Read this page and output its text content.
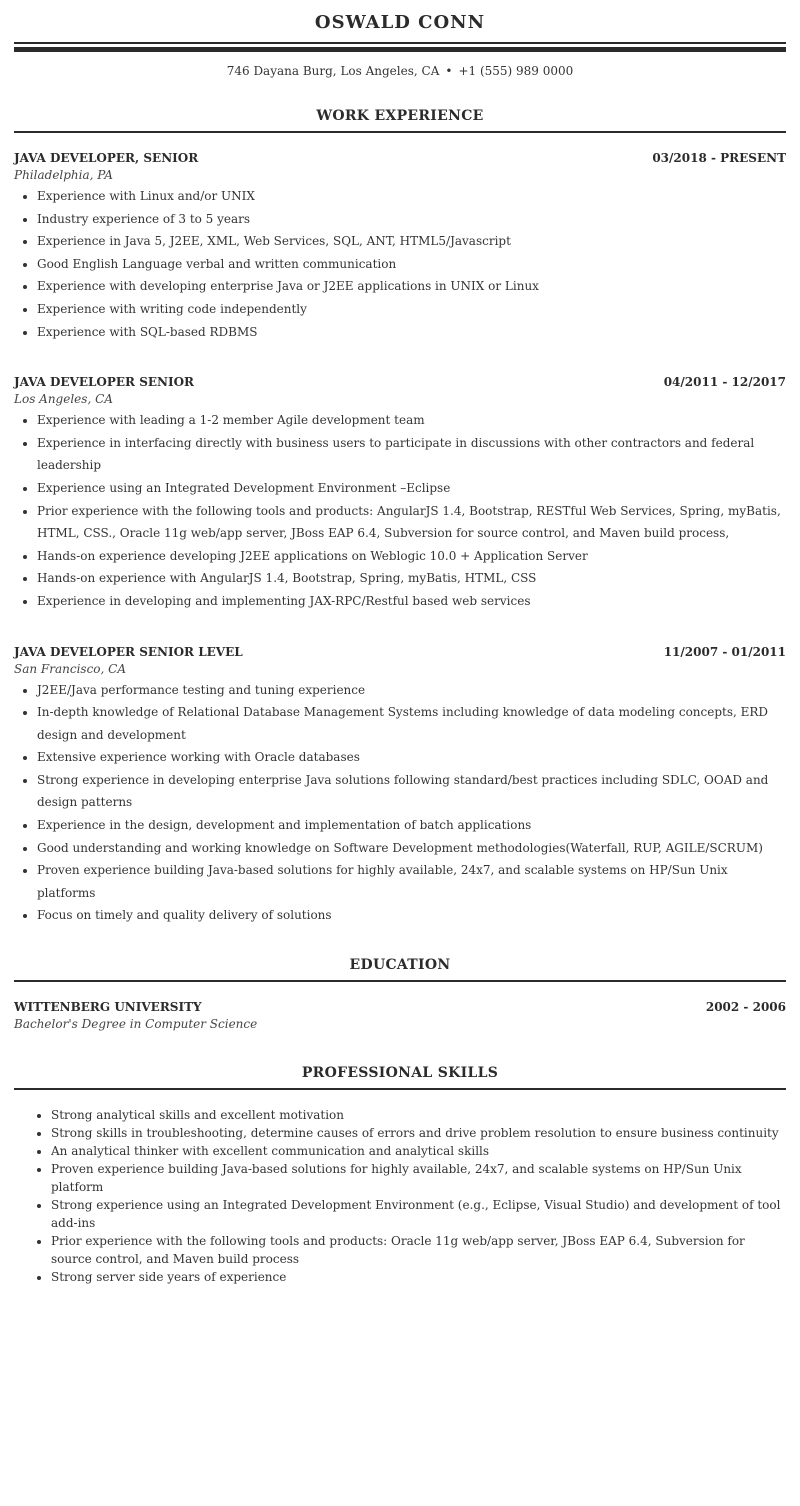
OSWALD CONN
746 Dayana Burg, Los Angeles, CA • +1 (555) 989 0000
WORK EXPERIENCE
JAVA DEVELOPER, SENIOR	03/2018 - PRESENT
Philadelphia, PA
• Experience with Linux and/or UNIX
• Industry experience of 3 to 5 years
• Experience in Java 5, J2EE, XML, Web Services, SQL, ANT, HTML5/Javascript
• Good English Language verbal and written communication
• Experience with developing enterprise Java or J2EE applications in UNIX or Linux
• Experience with writing code independently
• Experience with SQL-based RDBMS
JAVA DEVELOPER SENIOR	04/2011 - 12/2017
Los Angeles, CA
• Experience with leading a 1-2 member Agile development team
• Experience in interfacing directly with business users to participate in discussions with other contractors and federal leadership
• Experience using an Integrated Development Environment –Eclipse
• Prior experience with the following tools and products: AngularJS 1.4, Bootstrap, RESTful Web Services, Spring, myBatis, HTML, CSS., Oracle 11g web/app server, JBoss EAP 6.4, Subversion for source control, and Maven build process,
• Hands-on experience developing J2EE applications on Weblogic 10.0 + Application Server
• Hands-on experience with AngularJS 1.4, Bootstrap, Spring, myBatis, HTML, CSS
• Experience in developing and implementing JAX-RPC/Restful based web services
JAVA DEVELOPER SENIOR LEVEL	11/2007 - 01/2011
San Francisco, CA
• J2EE/Java performance testing and tuning experience
• In-depth knowledge of Relational Database Management Systems including knowledge of data modeling concepts, ERD design and development
• Extensive experience working with Oracle databases
• Strong experience in developing enterprise Java solutions following standard/best practices including SDLC, OOAD and design patterns
• Experience in the design, development and implementation of batch applications
• Good understanding and working knowledge on Software Development methodologies(Waterfall, RUP, AGILE/SCRUM)
• Proven experience building Java-based solutions for highly available, 24x7, and scalable systems on HP/Sun Unix platforms
• Focus on timely and quality delivery of solutions
EDUCATION
WITTENBERG UNIVERSITY	2002 - 2006
Bachelor's Degree in Computer Science
PROFESSIONAL SKILLS
• Strong analytical skills and excellent motivation
• Strong skills in troubleshooting, determine causes of errors and drive problem resolution to ensure business continuity
• An analytical thinker with excellent communication and analytical skills
• Proven experience building Java-based solutions for highly available, 24x7, and scalable systems on HP/Sun Unix platform
• Strong experience using an Integrated Development Environment (e.g., Eclipse, Visual Studio) and development of tool add-ins
• Prior experience with the following tools and products: Oracle 11g web/app server, JBoss EAP 6.4, Subversion for source control, and Maven build process
• Strong server side years of experience
